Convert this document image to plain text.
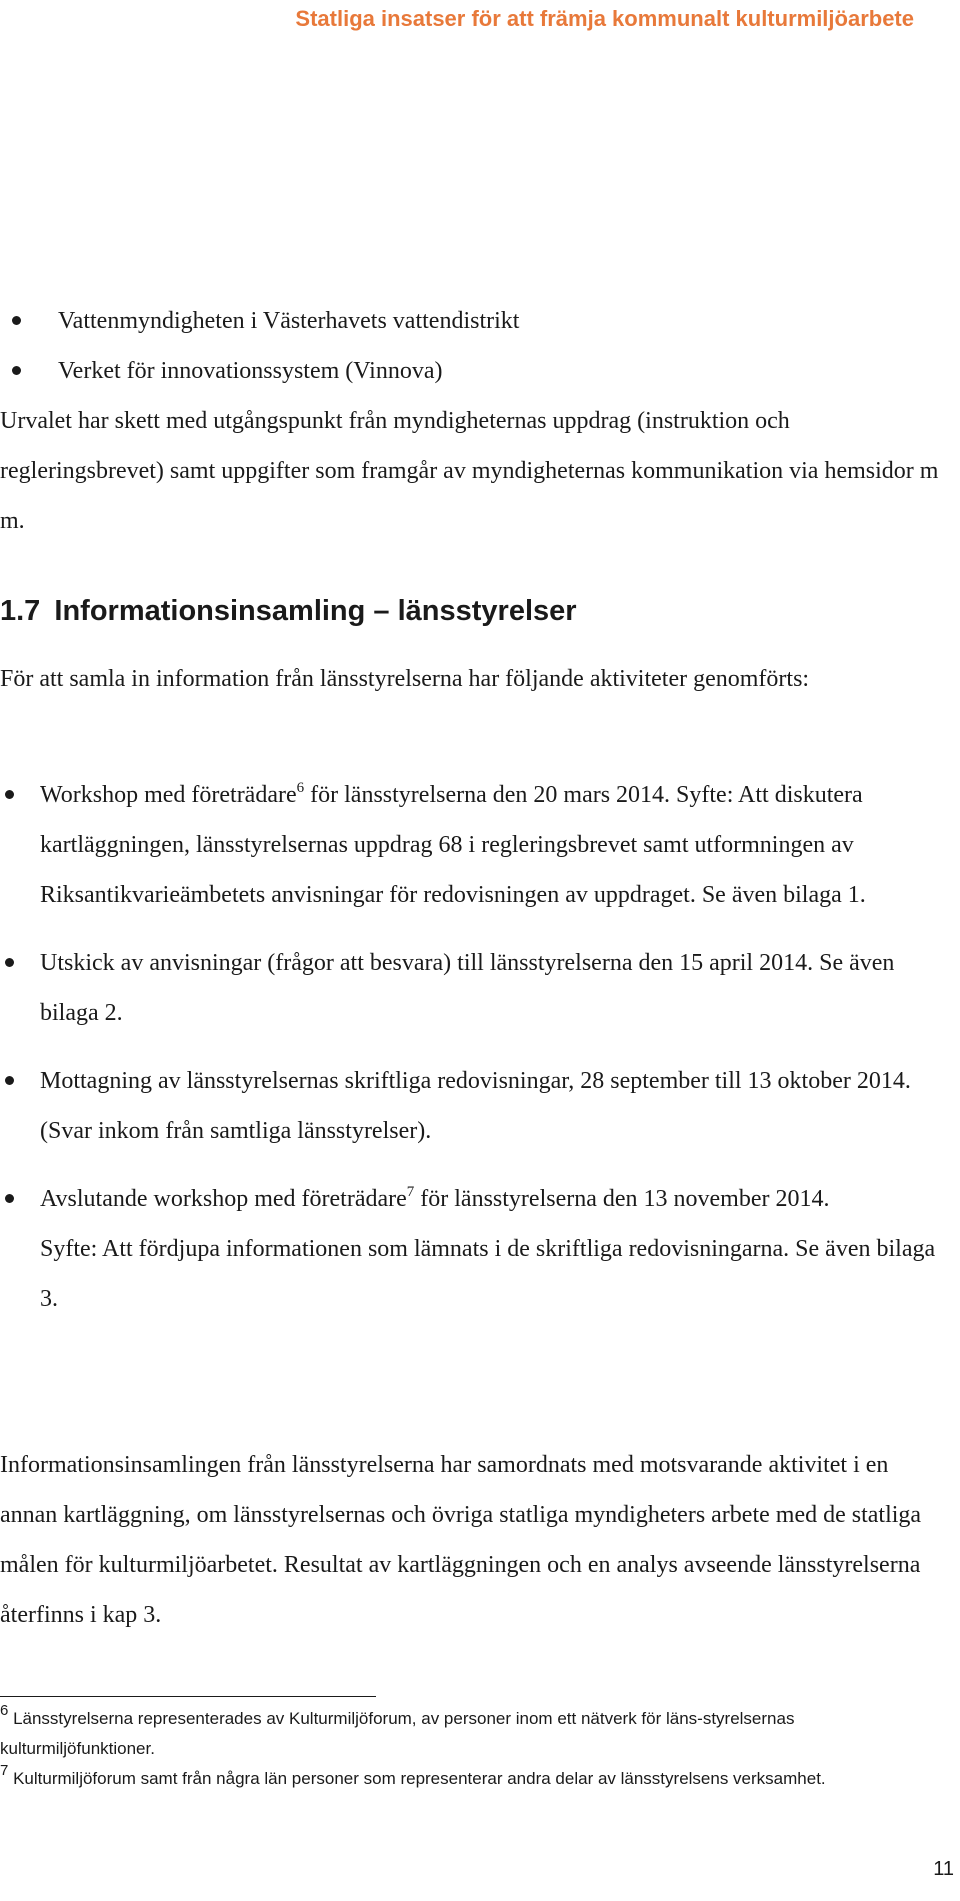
Statliga insatser för att främja kommunalt kulturmiljöarbete
Vattenmyndigheten i Västerhavets vattendistrikt
Verket för innovationssystem (Vinnova)

Urvalet har skett med utgångspunkt från myndigheternas uppdrag (instruktion och regleringsbrevet) samt uppgifter som framgår av myndigheternas kommunikation via hemsidor m m.

1.7 Informationsinsamling – länsstyrelser

För att samla in information från länsstyrelserna har följande aktiviteter genomförts:

Workshop med företrädare$^6$ för länsstyrelserna den 20 mars 2014. Syfte: Att diskutera kartläggningen, länsstyrelsernas uppdrag 68 i regleringsbrevet samt utformningen av Riksantikvarieämbetets anvisningar för redovisningen av uppdraget. Se även bilaga 1.
Utskick av anvisningar (frågor att besvara) till länsstyrelserna den 15 april 2014. Se även bilaga 2.
Mottagning av länsstyrelsernas skriftliga redovisningar, 28 september till 13 oktober 2014. (Svar inkom från samtliga länsstyrelser).
Avslutande workshop med företrädare$^7$ för länsstyrelserna den 13 november 2014.
Syfte: Att fördjupa informationen som lämnats i de skriftliga redovisningarna. Se även bilaga 3.

Informationsinsamlingen från länsstyrelserna har samordnats med motsvarande aktivitet i en annan kartläggning, om länsstyrelsernas och övriga statliga myndigheters arbete med de statliga målen för kulturmiljöarbetet. Resultat av kartläggningen och en analys avseende länsstyrelserna återfinns i kap 3.

$^6$ Länsstyrelserna representerades av Kulturmiljöforum, av personer inom ett nätverk för läns-styrelsernas kulturmiljöfunktioner.

$^7$ Kulturmiljöforum samt från några län personer som representerar andra delar av länsstyrelsens verksamhet.

11
